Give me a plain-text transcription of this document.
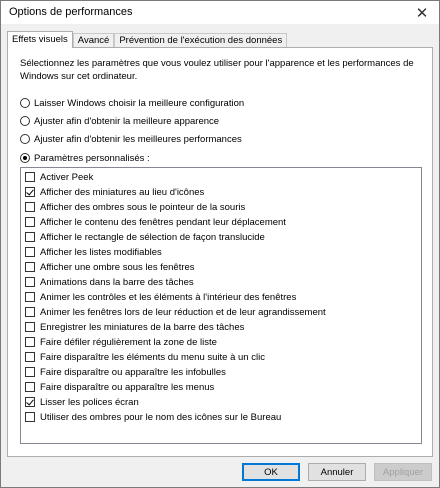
Options de performances	✕
Effets visuels	Avancé	Prévention de l'exécution des données
Sélectionnez les paramètres que vous voulez utiliser pour l'apparence et les performances de Windows sur cet ordinateur.
Laisser Windows choisir la meilleure configuration
Ajuster afin d'obtenir la meilleure apparence
Ajuster afin d'obtenir les meilleures performances
Paramètres personnalisés :
Activer Peek
Afficher des miniatures au lieu d'icônes
Afficher des ombres sous le pointeur de la souris
Afficher le contenu des fenêtres pendant leur déplacement
Afficher le rectangle de sélection de façon translucide
Afficher les listes modifiables
Afficher une ombre sous les fenêtres
Animations dans la barre des tâches
Animer les contrôles et les éléments à l'intérieur des fenêtres
Animer les fenêtres lors de leur réduction et de leur agrandissement
Enregistrer les miniatures de la barre des tâches
Faire défiler régulièrement la zone de liste
Faire disparaître les éléments du menu suite à un clic
Faire disparaître ou apparaître les infobulles
Faire disparaître ou apparaître les menus
Lisser les polices écran
Utiliser des ombres pour le nom des icônes sur le Bureau
OK	Annuler	Appliquer
